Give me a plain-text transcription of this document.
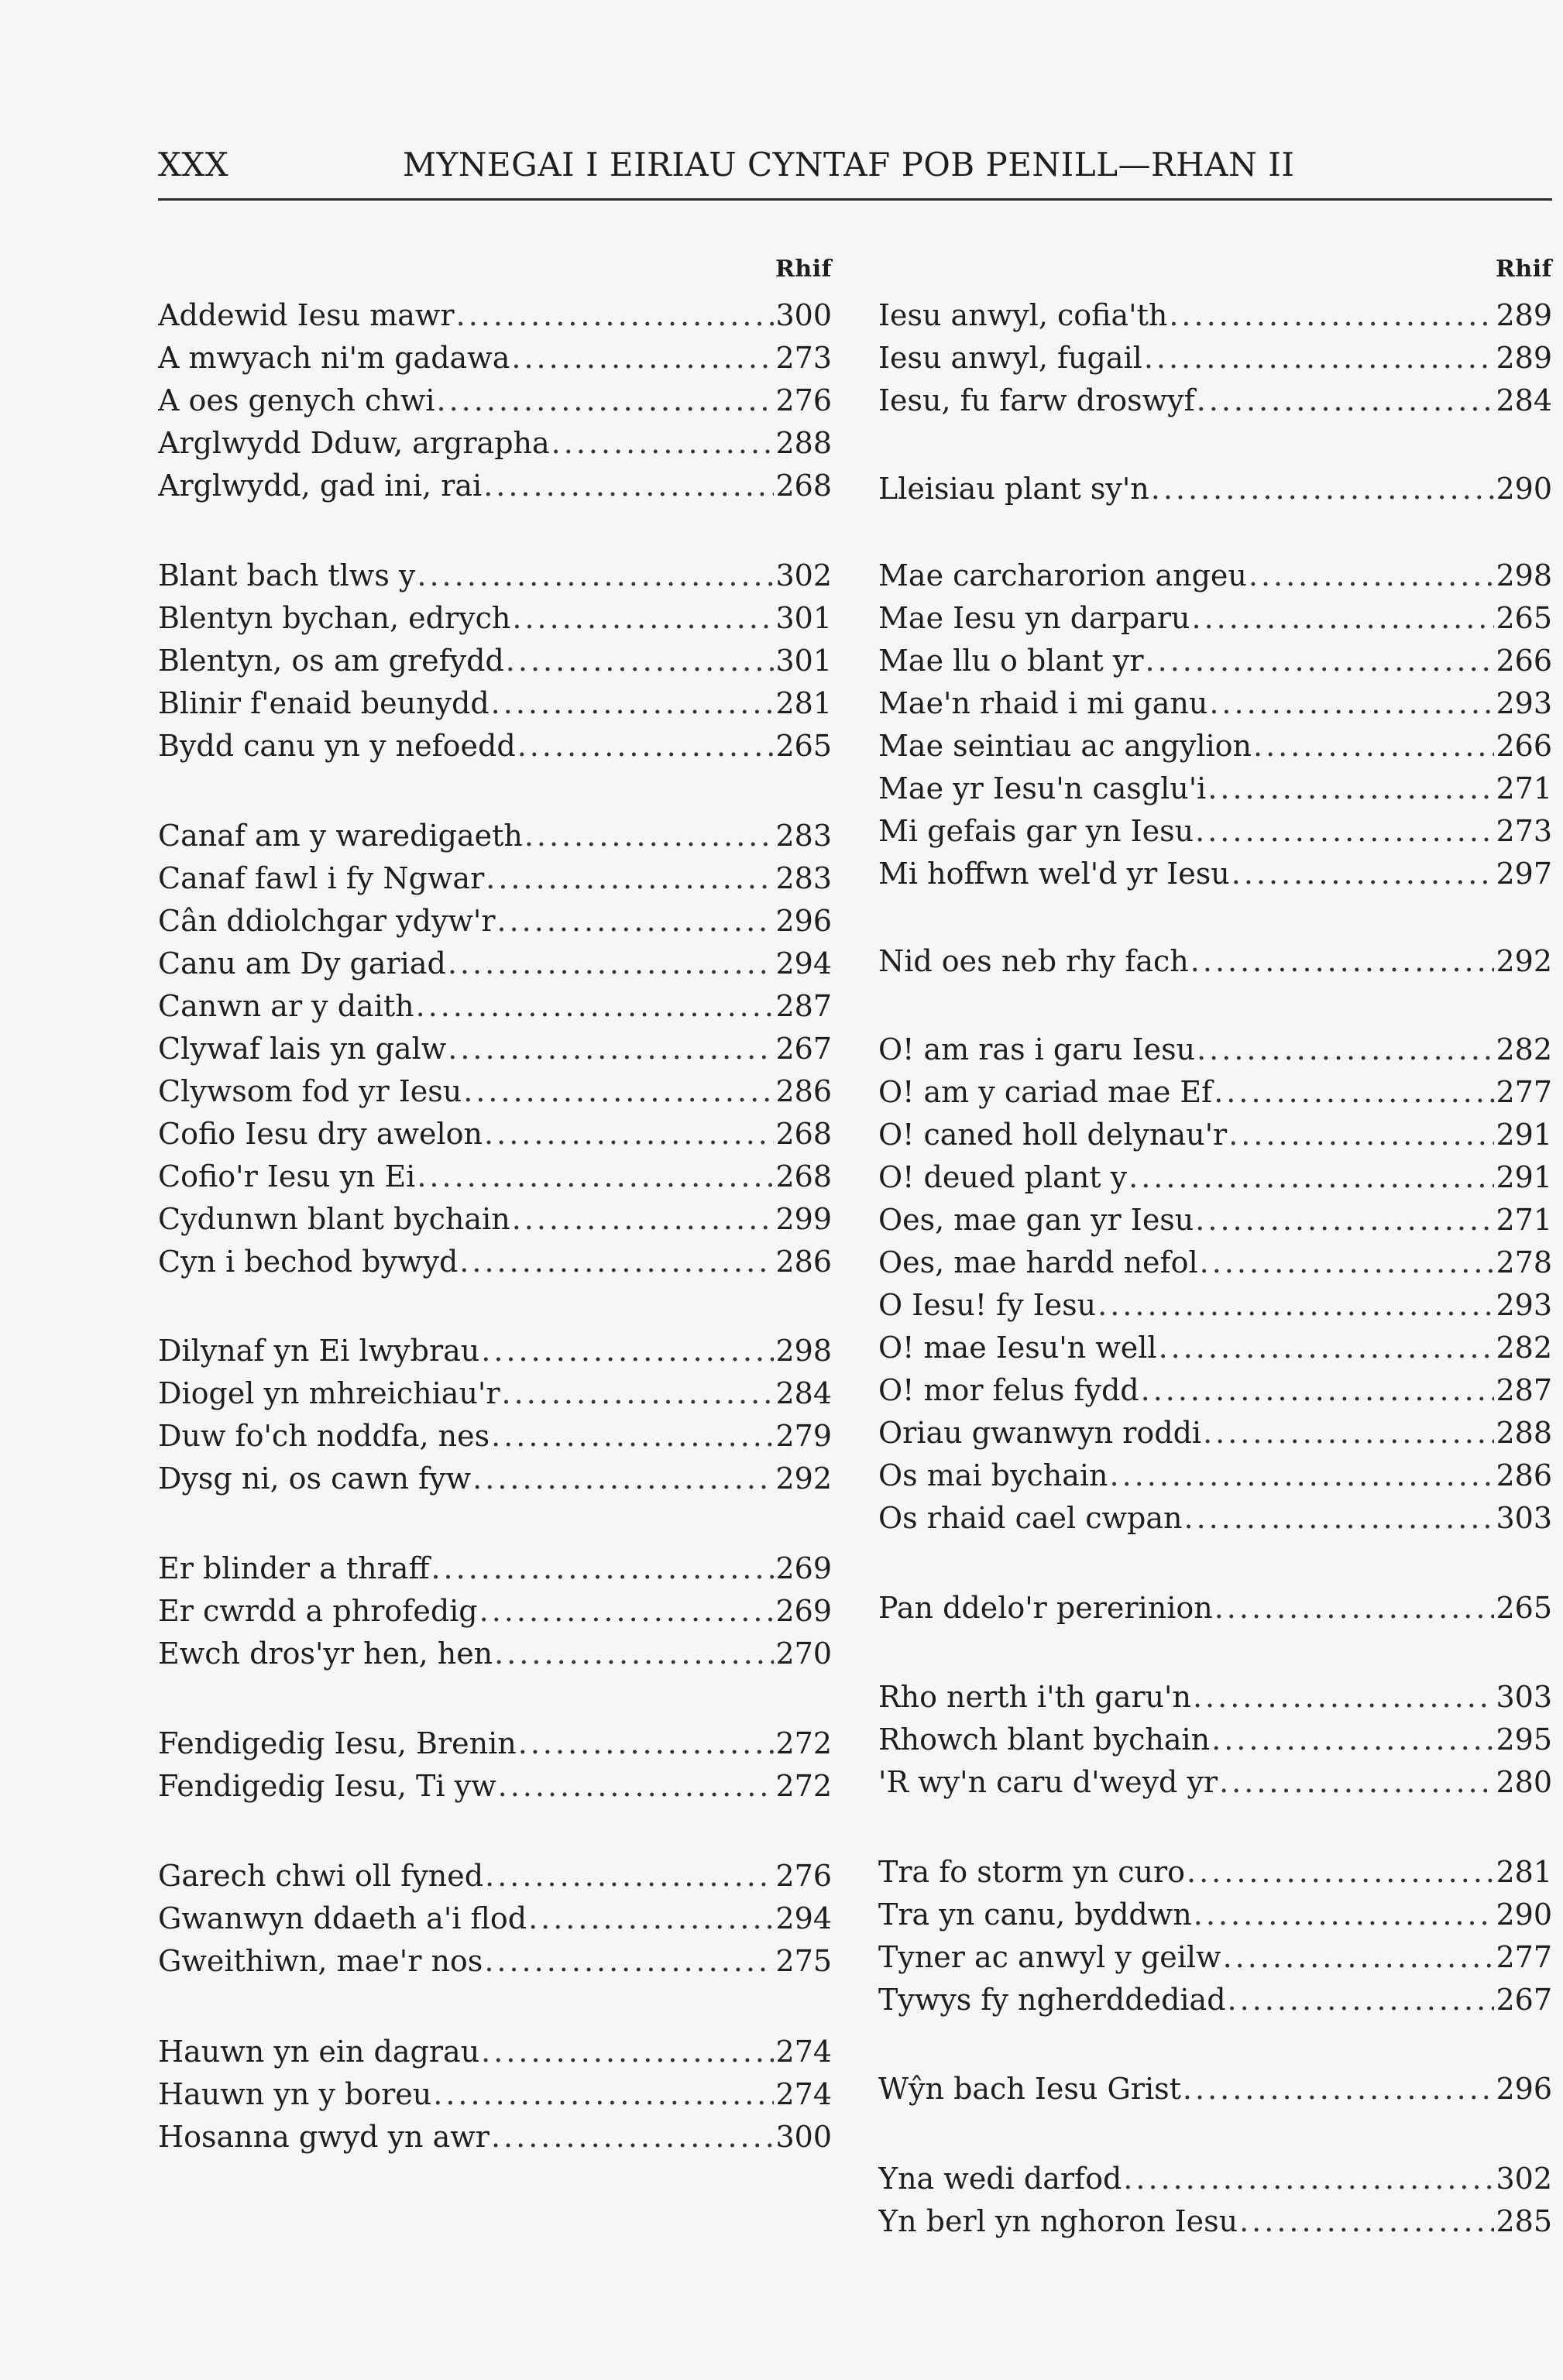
XXX	MYNEGAI I EIRIAU CYNTAF POB PENILL—RHAN II
Rhif
Addewid Iesu mawr .....	300
A mwyach ni'm gadawa .....	273
A oes genych chwi .....	276
Arglwydd Dduw, argrapha .....	288
Arglwydd, gad ini, rai .....	268
Blant bach tlws y .....	302
Blentyn bychan, edrych .....	301
Blentyn, os am grefydd .....	301
Blinir f'enaid beunydd .....	281
Bydd canu yn y nefoedd .....	265
Canaf am y waredigaeth .....	283
Canaf fawl i fy Ngwar .....	283
Cân ddiolchgar ydyw'r .....	296
Canu am Dy gariad .....	294
Canwn ar y daith .....	287
Clywaf lais yn galw .....	267
Clywsom fod yr Iesu .....	286
Cofio Iesu dry awelon .....	268
Cofio'r Iesu yn Ei .....	268
Cydunwn blant bychain .....	299
Cyn i bechod bywyd .....	286
Dilynaf yn Ei lwybrau .....	298
Diogel yn mhreichiau'r .....	284
Duw fo'ch noddfa, nes .....	279
Dysg ni, os cawn fyw .....	292
Er blinder a thraff .....	269
Er cwrdd a phrofedig .....	269
Ewch dros'yr hen, hen .....	270
Fendigedig Iesu, Brenin .....	272
Fendigedig Iesu, Ti yw .....	272
Garech chwi oll fyned .....	276
Gwanwyn ddaeth a'i flod .....	294
Gweithiwn, mae'r nos .....	275
Hauwn yn ein dagrau .....	274
Hauwn yn y boreu .....	274
Hosanna gwyd yn awr .....	300
Rhif
Iesu anwyl, cofia'th .....	289
Iesu anwyl, fugail .....	289
Iesu, fu farw droswyf .....	284
Lleisiau plant sy'n .....	290
Mae carcharorion angeu .....	298
Mae Iesu yn darparu .....	265
Mae llu o blant yr .....	266
Mae'n rhaid i mi ganu .....	293
Mae seintiau ac angylion .....	266
Mae yr Iesu'n casglu'i .....	271
Mi gefais gar yn Iesu .....	273
Mi hoffwn wel'd yr Iesu .....	297
Nid oes neb rhy fach .....	292
O! am ras i garu Iesu .....	282
O! am y cariad mae Ef .....	277
O! caned holl delynau'r .....	291
O! deued plant y .....	291
Oes, mae gan yr Iesu .....	271
Oes, mae hardd nefol .....	278
O Iesu! fy Iesu .....	293
O! mae Iesu'n well .....	282
O! mor felus fydd .....	287
Oriau gwanwyn roddi .....	288
Os mai bychain .....	286
Os rhaid cael cwpan .....	303
Pan ddelo'r pererinion .....	265
Rho nerth i'th garu'n .....	303
Rhowch blant bychain .....	295
'R wy'n caru d'weyd yr .....	280
Tra fo storm yn curo .....	281
Tra yn canu, byddwn .....	290
Tyner ac anwyl y geilw .....	277
Tywys fy ngherddediad .....	267
Wŷn bach Iesu Grist .....	296
Yna wedi darfod .....	302
Yn berl yn nghoron Iesu .....	285
